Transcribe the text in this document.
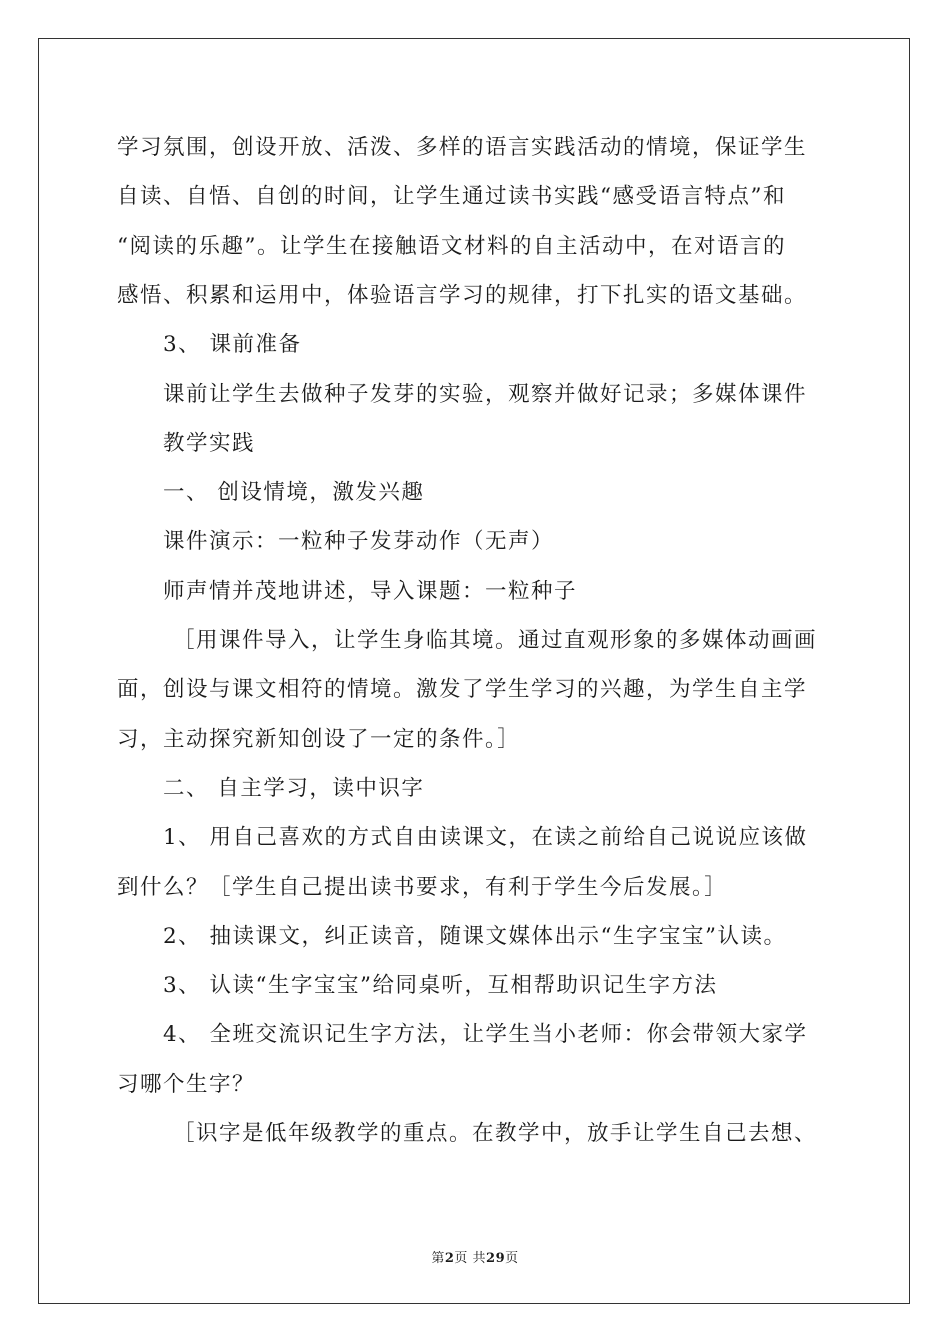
学习氛围，创设开放、活泼、多样的语言实践活动的情境，保证学生
自读、自悟、自创的时间，让学生通过读书实践“感受语言特点”和
“阅读的乐趣”。让学生在接触语文材料的自主活动中，在对语言的
感悟、积累和运用中，体验语言学习的规律，打下扎实的语文基础。
3、 课前准备
课前让学生去做种子发芽的实验，观察并做好记录；多媒体课件
教学实践
一、 创设情境，激发兴趣
课件演示：一粒种子发芽动作（无声）
师声情并茂地讲述，导入课题：一粒种子
［用课件导入，让学生身临其境。通过直观形象的多媒体动画画
面，创设与课文相符的情境。激发了学生学习的兴趣，为学生自主学
习，主动探究新知创设了一定的条件。］
二、 自主学习，读中识字
1、 用自己喜欢的方式自由读课文，在读之前给自己说说应该做
到什么？［学生自己提出读书要求，有利于学生今后发展。］
2、 抽读课文，纠正读音，随课文媒体出示“生字宝宝”认读。
3、 认读“生字宝宝”给同桌听，互相帮助识记生字方法
4、 全班交流识记生字方法，让学生当小老师：你会带领大家学
习哪个生字？
［识字是低年级教学的重点。在教学中，放手让学生自己去想、
第2页 共29页
